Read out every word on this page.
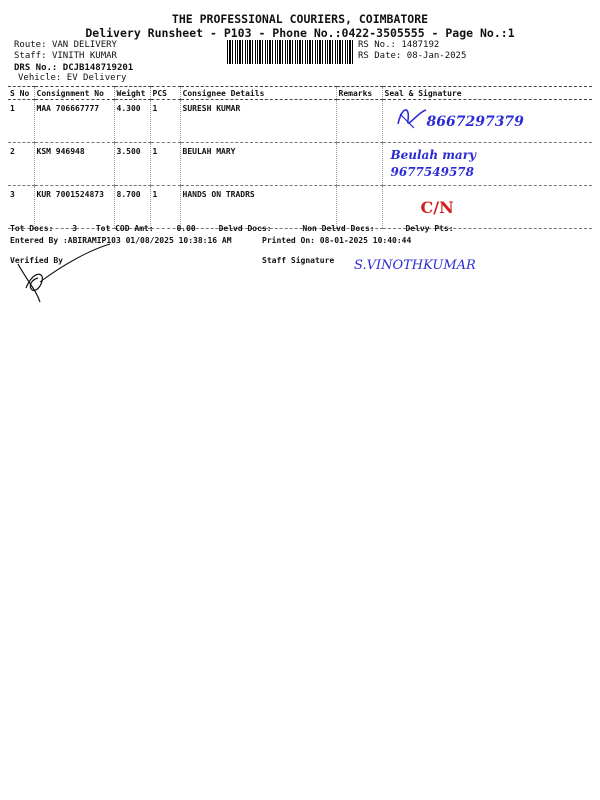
THE PROFESSIONAL COURIERS, COIMBATORE
Delivery Runsheet - P103 - Phone No.:0422-3505555 - Page No.:1
Route: VAN DELIVERY
Staff: VINITH KUMAR
DRS No.: DCJB148719201
Vehicle: EV Delivery
RS No.: 1487192
RS Date: 08-Jan-2025
S No	Consignment No	Weight	PCS	Consignee Details	Remarks	Seal & Signature
1	MAA 706667777	4.300	1	SURESH KUMAR		8667297379

2	KSM 946948	3.500	1	BEULAH MARY		Beulah mary 9677549578

3	KUR 7001524873	8.700	1	HANDS ON TRADRS		C/N
Tot Docs: 3 Tot COD Amt:	0.00	Delvd Docs:	Non Delvd Docs:	Delvy Pts:
Entered By :ABIRAMIP103 01/08/2025 10:38:16 AM	Printed On: 08-01-2025 10:40:44
Verified By	Staff Signature S.VINOTHKUMAR
